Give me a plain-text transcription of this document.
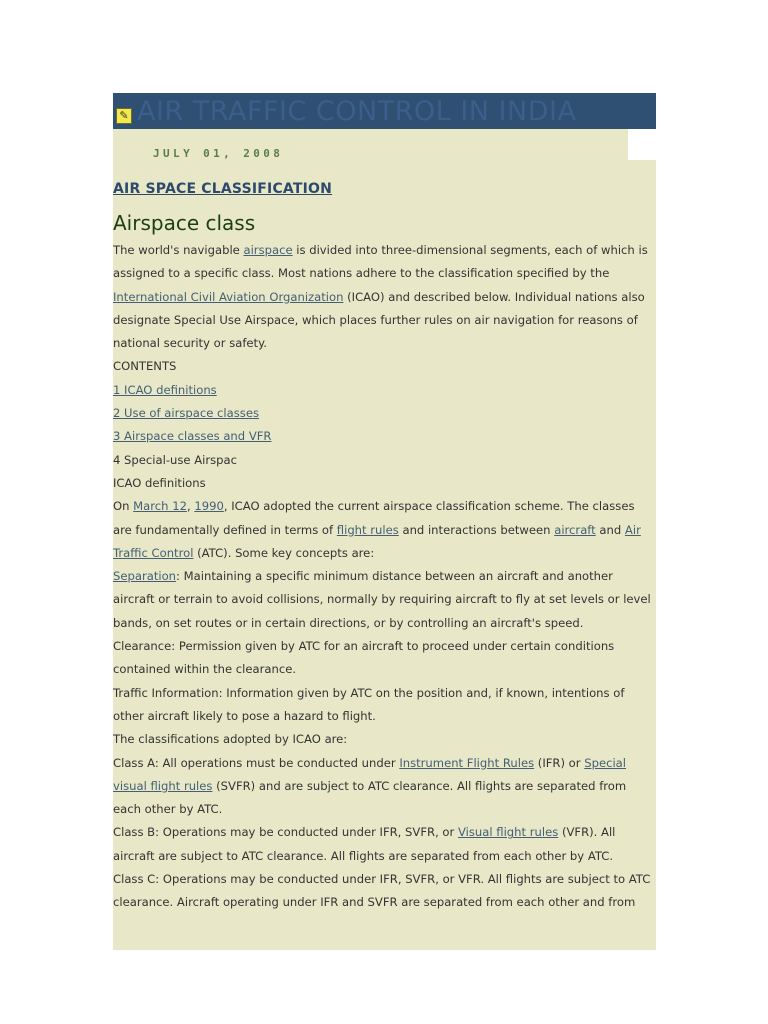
✎ AIR TRAFFIC CONTROL IN INDIA
JULY 01, 2008
AIR SPACE CLASSIFICATION
Airspace class

The world's navigable airspace is divided into three-dimensional segments, each of which is assigned to a specific class. Most nations adhere to the classification specified by the International Civil Aviation Organization (ICAO) and described below. Individual nations also designate Special Use Airspace, which places further rules on air navigation for reasons of national security or safety.

CONTENTS

1 ICAO definitions

2 Use of airspace classes

3 Airspace classes and VFR

4 Special-use Airspac

ICAO definitions

On March 12, 1990, ICAO adopted the current airspace classification scheme. The classes are fundamentally defined in terms of flight rules and interactions between aircraft and Air Traffic Control (ATC). Some key concepts are:

Separation: Maintaining a specific minimum distance between an aircraft and another aircraft or terrain to avoid collisions, normally by requiring aircraft to fly at set levels or level bands, on set routes or in certain directions, or by controlling an aircraft's speed.

Clearance: Permission given by ATC for an aircraft to proceed under certain conditions contained within the clearance.

Traffic Information: Information given by ATC on the position and, if known, intentions of other aircraft likely to pose a hazard to flight.

The classifications adopted by ICAO are:

Class A: All operations must be conducted under Instrument Flight Rules (IFR) or Special visual flight rules (SVFR) and are subject to ATC clearance. All flights are separated from each other by ATC.

Class B: Operations may be conducted under IFR, SVFR, or Visual flight rules (VFR). All aircraft are subject to ATC clearance. All flights are separated from each other by ATC.

Class C: Operations may be conducted under IFR, SVFR, or VFR. All flights are subject to ATC clearance. Aircraft operating under IFR and SVFR are separated from each other and from
